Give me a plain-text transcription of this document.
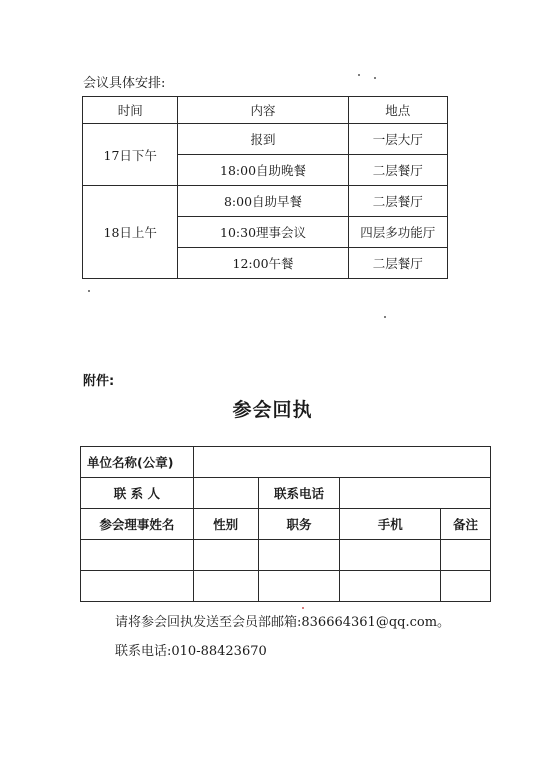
会议具体安排:
时间	内容	地点
17日下午	报到	一层大厅
	18:00自助晚餐	二层餐厅
18日上午	8:00自助早餐	二层餐厅
	10:30理事会议	四层多功能厅
	12:00午餐	二层餐厅
附件:
参会回执
单位名称(公章)				
联 系 人		联系电话		
参会理事姓名	性别	职务	手机	备注

请将参会回执发送至会员部邮箱:836664361@qq.com。
联系电话:010-88423670
